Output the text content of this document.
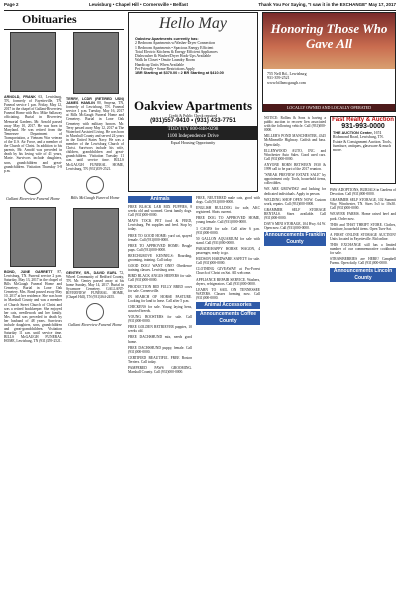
Page 2	Lewisburg • Chapel Hill • Cornersville • Belfast	Thank You For Saying, "I saw it in the EXCHANGE" May 17, 2017
Obituaries
ARNOLD, FRANK 63, Lewisburg, TN, formerly of Fayetteville, TN. Funeral service 1 p.m. Friday, May 12, 2017 in the chapel of Gallant-Riverview Funeral Home with Bro. Mike Sallaway officiating. Burial in Riverview Memorial Gardens. Mr. Arnold passed away May 10, 2017. He was born in Maryland. He was retired from the Tennessee Department of Transportation, a Vietnam War veteran of the U.S. Air Force, and a member of the Church of Christ. In addition to his parents, Mr. Arnold was preceded in death by his loving wife of 41 years, Marie. Survivors include daughters, sons, grandchildren and great-grandchildren. Visitation Thursday 5-8 p.m.
Gallant Riverview Funeral Home
BOND, JUNE GARRETT 87, Lewisburg, TN. Funeral service 2 p.m. Saturday, May 13, 2017 in the chapel of Bills McGaugh Funeral Home and Cemetery. Burial in Lone Oak Cemetery. Mrs. Bond passed away May 10, 2017 at her residence. She was born in Marshall County and was a member of Church Street Church of Christ and was a retired bookkeeper. She enjoyed her cats, needlework and her family. Mrs. Bond was preceded in death by her husband of 48 years. Survivors include daughters, sons, grandchildren and great-grandchildren. Visitation Saturday 11 a.m. until service time. BILLS McGAUGH FUNERAL HOME, Lewisburg, TN (931)359-2521.
TERRY, LCDR (RETIRED USN) JAMES HAMLIN 80, Smyrna, TN, formerly of Lewisburg, TN. Funeral service 1 p.m. Tuesday, May 16, 2017 at Bills McGaugh Funeral Home and Cemetery. Burial in Lone Oak Cemetery with military honors. Mr. Terry passed away May 12, 2017 at The Waterford Assisted Living. He was born in Marshall County and served 24 years in the United States Navy. He was a member of the Lewisburg Church of Christ. Survivors include his wife, children, grandchildren and great-grandchildren. Visitation Tuesday 11 a.m. until service time. BILLS McGAUGH FUNERAL HOME, Lewisburg, TN (931)359-2521.
Bills McGaugh Funeral Home
GENTRY, SR., DAVID EARL 72, Wheel Community of Bedford County, TN. Mr. Gentry passed away at his home Sunday, May 14, 2017. Burial in Sycamore Cemetery. GALLANT-RIVERVIEW FUNERAL HOME, (Chapel Hill), TN (931)364-2455.
Gallant Riverview Funeral Home
Hello May
Oakview Apartments currently has:
2 Bedroom Apartments w/Washer-Dryer Connection
1 Bedroom Apartments • Spacious Energy Efficient
Total Electric Kitchens & Energy Efficient Appliances
Dishwasher & Washer/Dryer Hook-Ups Available
Walk In Closet • Onsite Laundry Room
Handicap Units When Available
Pet Friendly • Some Restrictions Apply
1BR Starting at $370.00 • 2 BR Starting at $410.00
Oakview Apartments
Credit & Public Check required
(931)557-9410 • (931) 433-7751
TDD/TTY 800-848-0298
1100 Independence Drive
Equal Housing Opportunity
Honoring Those Who Gave All
755 Nell Rd., Lewisburg
931-359-2521
www.billsmcgaugh.com
LOCALLY OWNED AND LOCALLY OPERATED
Fast Realty & Auction
931-993-0000
THE AUCTION Center, 1674 Richmond Road, Lewisburg, TN. Estate & Consignment Auction. Tools, furniture, antiques, glassware & much more.
Animals

FREE BLACK LAB MIX PUPPIES, 8 weeks old and wormed. Great family dogs. Call (931)000-0000.

MAYS TOCK PET food & FEED, Lewisburg. Pet supplies and feed. Stop by today.

FREE TO GOOD HOME: yard cat, spayed female. Call (931)000-0000.

FREE TO APPROVED HOME: Beagle pups. Call (931)000-0000.

BEECHGROVE KENNELS: Boarding, grooming, training. Call today.

GOOD DOG! WANT ONE? Obedience training classes. Lewisburg area.

BIRD BLACK ANGUS HEIFERS for sale. Call (931)000-0000.

PRODUCTION BID FULLY BRED cows for sale. Cornersville.

IN SEARCH OF HORSE PASTURE. Looking for land to lease. Call after 5 p.m.

CHICKENS for sale. Young laying hens, assorted breeds.

YOUNG BOOSTERS for sale. Call (931)000-0000.

FREE GOLDEN RETRIEVER puppies, 10 weeks old.

FREE DACHSHUND mix, needs good home.

FREE DACHSHUND puppy, female. Call (931)000-0000.

CERTIFIED BEAUTIFUL FREE Boston Terriers. Call today.

PAMPERED PAWS GROOMING. Marshall County. Call (931)000-0000.

FREE, NEUTERED male cats, good with dogs. Call (931)000-0000.

ENGLISH BULLDOG for sale, AKC registered. Shots current.

FREE DOG TO APPROVED HOME, young female. Call (931)000-0000.

3 CAGES for sale. Call after 6 p.m. (931)000-0000.

50 GALLON AQUARIUM for sale with stand. Call (931)000-0000.

PARADE/HAPPY HORSE WAGON, 4 passenger, ready to go.

HUDSON HARDWARE SAFETY for sale. Call (931)000-0000.

CLOTHING GIVEAWAY at Pro-Forest Church of Christ on Sat. All welcome.

APPLIANCE REPAIR SERVICE. Washers, dryers, refrigerators. Call (931)000-0000.

LEARN TO SAIL ON TENNESSEE WATERS. Classes forming now. Call (931)000-0000.

Animal Accessories
Announcements Coffee County

NOTICE: Rollins & Sons is having a public auction to recover lien associated with the following vehicle. Call (931)000-0000.

MILLER'S POND MANCHESTER, 4345 McMinnville Highway. Catfish and bass. Open daily.

ELLENWOOD AUTO, INC. and Winchester Auto Sales. Good used cars. Call (931)000-0000.

ANYONE BORN BETWEEN 1930 & 1999 call to be part of the 2017 reunion.

"SNEAK PREVIEW ESTATE SALE" by appointment only. Tools, household items, collectibles.

WE ARE GROWING! and looking for dedicated individuals. Apply in person.

WELDING SHOP OPEN NOW. Custom work, repairs. Call (931)000-0000.

GRAMMER SELF STORAGE RENTALS. Sizes available. Call (931)000-0000.

DAV'S MINI STORAGE, 104 Hwy. 64 W. Open now. Call (931)000-0000.

Announcements Franklin County

PAW ADOPTIONS, BURIALS in Gardens of Devotion. Call (931)000-0000.

GRAMMER SELF STORAGE, 102 Summit Way, Winchester, TN. Sizes 5x5 to 10x30. Call (931)000-0000.

WEAVER FARMS. Home raised beef and pork. Order now.

THIS and THAT THRIFT STORE. Clothes, furniture, household items. Open Tues-Sat.

A FIRST ONLINE STORAGE AUCTION! Units located in Fayetteville. Bid online.

THIS EXCHANGE still has a limited number of our commemorative cookbooks for sale.

STRAWBERRIES are HERE! Campbell Farms. Open daily. Call (931)000-0000.

Announcements Lincoln County
